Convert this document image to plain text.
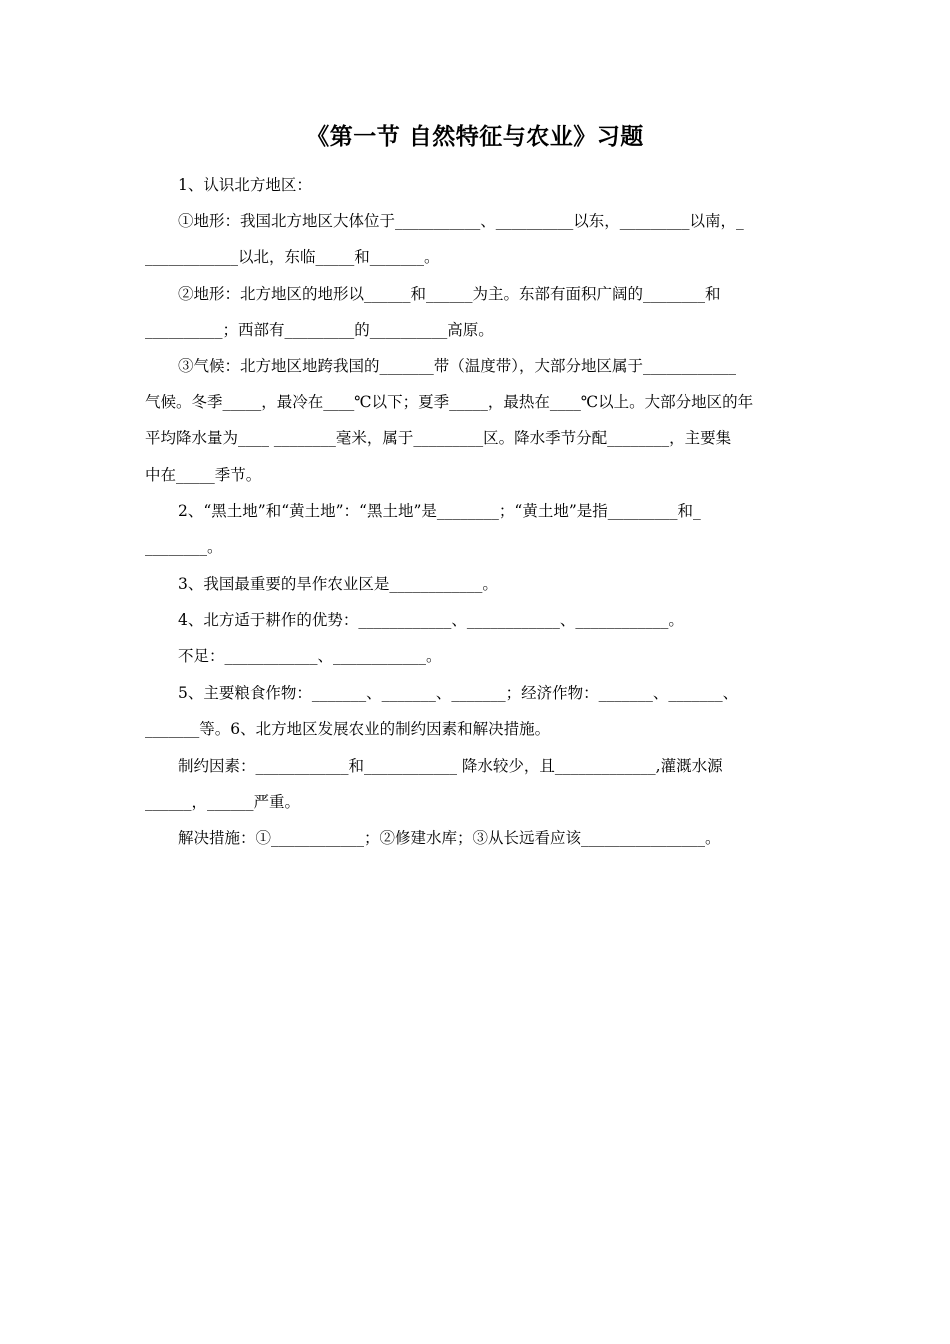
《第一节 自然特征与农业》习题
1、认识北方地区：
①地形：我国北方地区大体位于___________、__________以东，_________以南，_
____________以北，东临_____和_______。
②地形：北方地区的地形以______和______为主。东部有面积广阔的________和
__________；西部有_________的__________高原。
③气候：北方地区地跨我国的_______带（温度带），大部分地区属于____________
气候。冬季_____，最冷在____℃以下；夏季_____，最热在____℃以上。大部分地区的年
平均降水量为____ ________毫米，属于_________区。降水季节分配________，主要集
中在_____季节。
2、“黑土地”和“黄土地”：“黑土地”是________；“黄土地”是指_________和_
________。
3、我国最重要的旱作农业区是____________。
4、北方适于耕作的优势：____________、____________、____________。
不足：____________、____________。
5、主要粮食作物：_______、_______、_______；经济作物：_______、_______、
_______等。6、北方地区发展农业的制约因素和解决措施。
制约因素：____________和____________ 降水较少，且_____________,灌溉水源
______，______严重。
解决措施：①____________；②修建水库；③从长远看应该________________。
